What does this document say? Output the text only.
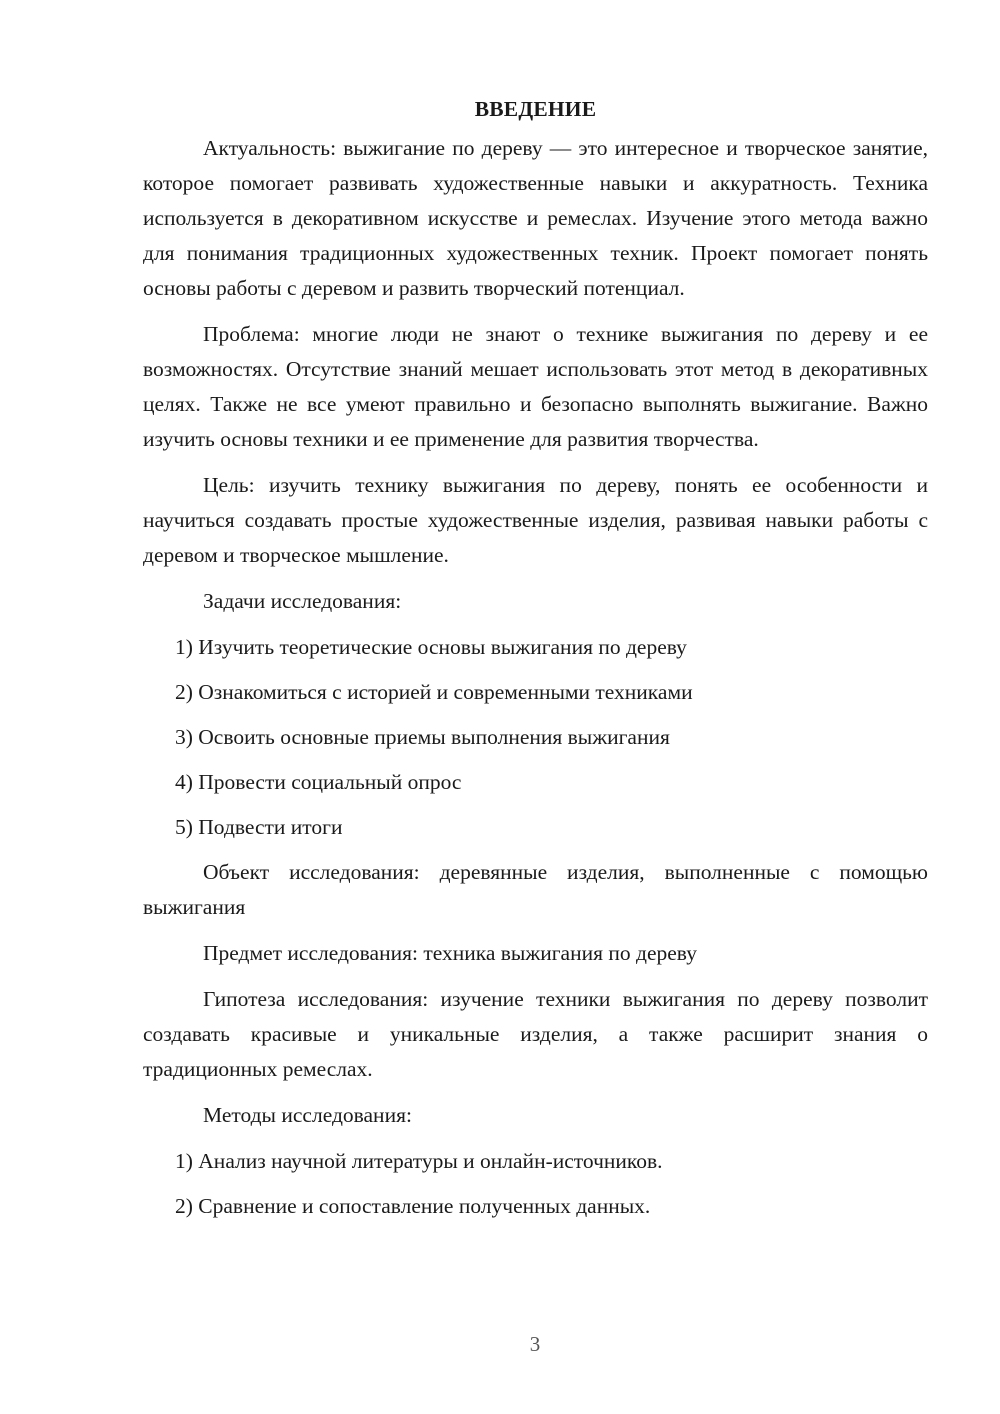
ВВЕДЕНИЕ

Актуальность: выжигание по дереву — это интересное и творческое занятие, которое помогает развивать художественные навыки и аккуратность. Техника используется в декоративном искусстве и ремеслах. Изучение этого метода важно для понимания традиционных художественных техник. Проект помогает понять основы работы с деревом и развить творческий потенциал.

Проблема: многие люди не знают о технике выжигания по дереву и ее возможностях. Отсутствие знаний мешает использовать этот метод в декоративных целях. Также не все умеют правильно и безопасно выполнять выжигание. Важно изучить основы техники и ее применение для развития творчества.

Цель: изучить технику выжигания по дереву, понять ее особенности и научиться создавать простые художественные изделия, развивая навыки работы с деревом и творческое мышление.

Задачи исследования:

1) Изучить теоретические основы выжигания по дереву

2) Ознакомиться с историей и современными техниками

3) Освоить основные приемы выполнения выжигания

4) Провести социальный опрос

5) Подвести итоги

Объект исследования: деревянные изделия, выполненные с помощью выжигания

Предмет исследования: техника выжигания по дереву

Гипотеза исследования: изучение техники выжигания по дереву позволит создавать красивые и уникальные изделия, а также расширит знания о традиционных ремеслах.

Методы исследования:

1) Анализ научной литературы и онлайн-источников.

2) Сравнение и сопоставление полученных данных.

3
